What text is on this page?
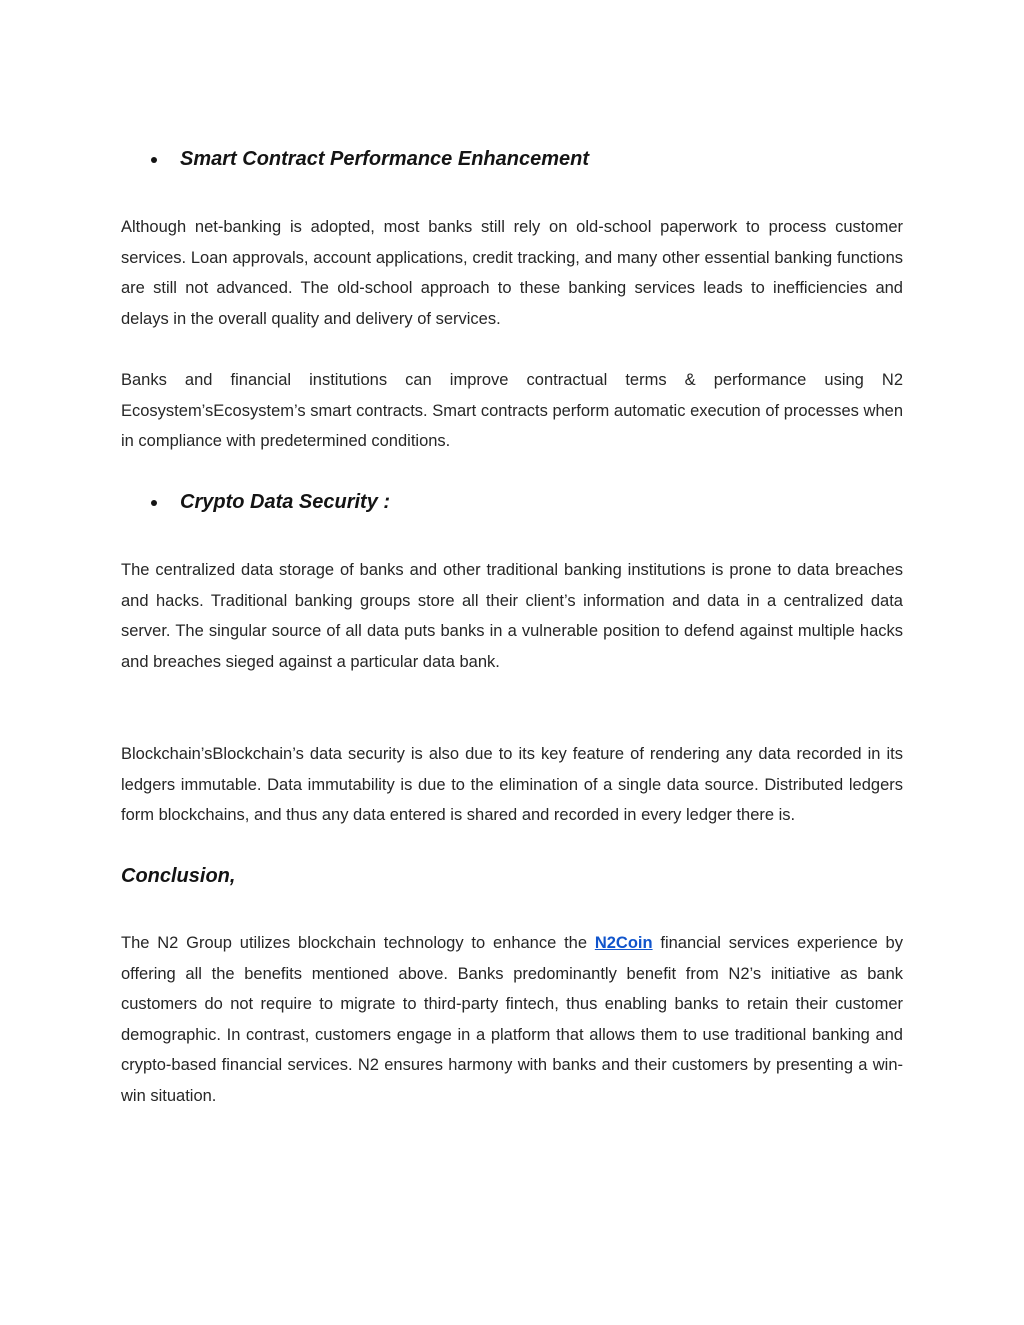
Smart Contract Performance Enhancement

Although net-banking is adopted, most banks still rely on old-school paperwork to process customer services. Loan approvals, account applications, credit tracking, and many other essential banking functions are still not advanced. The old-school approach to these banking services leads to inefficiencies and delays in the overall quality and delivery of services.

Banks and financial institutions can improve contractual terms & performance using N2 Ecosystem’sEcosystem’s smart contracts. Smart contracts perform automatic execution of processes when in compliance with predetermined conditions.

Crypto Data Security :

The centralized data storage of banks and other traditional banking institutions is prone to data breaches and hacks. Traditional banking groups store all their client’s information and data in a centralized data server. The singular source of all data puts banks in a vulnerable position to defend against multiple hacks and breaches sieged against a particular data bank.

Blockchain’sBlockchain’s data security is also due to its key feature of rendering any data recorded in its ledgers immutable. Data immutability is due to the elimination of a single data source. Distributed ledgers form blockchains, and thus any data entered is shared and recorded in every ledger there is.

Conclusion,

The N2 Group utilizes blockchain technology to enhance the N2Coin financial services experience by offering all the benefits mentioned above. Banks predominantly benefit from N2’s initiative as bank customers do not require to migrate to third-party fintech, thus enabling banks to retain their customer demographic. In contrast, customers engage in a platform that allows them to use traditional banking and crypto-based financial services. N2 ensures harmony with banks and their customers by presenting a win-win situation.
